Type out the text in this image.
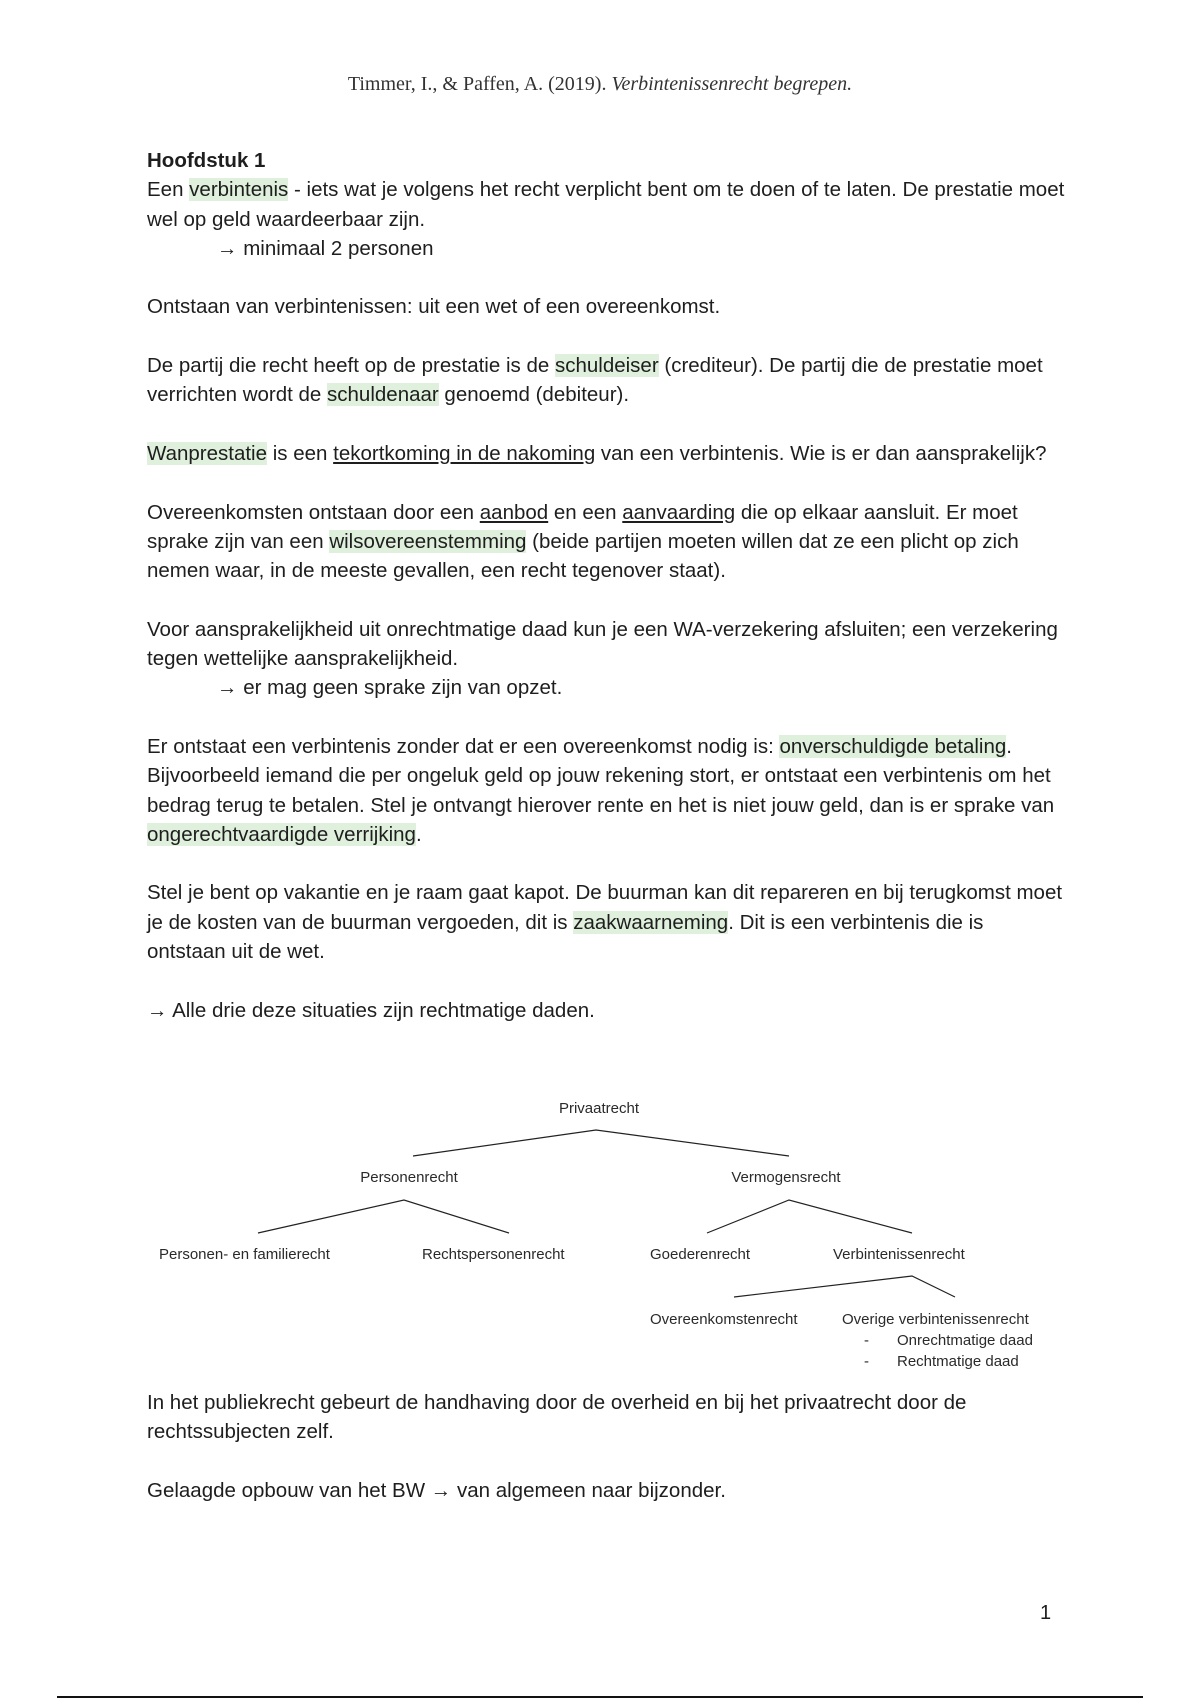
Timmer, I., & Paffen, A. (2019). Verbintenissenrecht begrepen.

Hoofdstuk 1

Een verbintenis - iets wat je volgens het recht verplicht bent om te doen of te laten. De prestatie moet wel op geld waardeerbaar zijn.

→ minimaal 2 personen

Ontstaan van verbintenissen: uit een wet of een overeenkomst.

De partij die recht heeft op de prestatie is de schuldeiser (crediteur). De partij die de prestatie moet verrichten wordt de schuldenaar genoemd (debiteur).

Wanprestatie is een tekortkoming in de nakoming van een verbintenis. Wie is er dan aansprakelijk?

Overeenkomsten ontstaan door een aanbod en een aanvaarding die op elkaar aansluit. Er moet sprake zijn van een wilsovereenstemming (beide partijen moeten willen dat ze een plicht op zich nemen waar, in de meeste gevallen, een recht tegenover staat).

Voor aansprakelijkheid uit onrechtmatige daad kun je een WA-verzekering afsluiten; een verzekering tegen wettelijke aansprakelijkheid.

→ er mag geen sprake zijn van opzet.

Er ontstaat een verbintenis zonder dat er een overeenkomst nodig is: onverschuldigde betaling. Bijvoorbeeld iemand die per ongeluk geld op jouw rekening stort, er ontstaat een verbintenis om het bedrag terug te betalen. Stel je ontvangt hierover rente en het is niet jouw geld, dan is er sprake van ongerechtvaardigde verrijking.

Stel je bent op vakantie en je raam gaat kapot. De buurman kan dit repareren en bij terugkomst moet je de kosten van de buurman vergoeden, dit is zaakwaarneming. Dit is een verbintenis die is ontstaan uit de wet.

→ Alle drie deze situaties zijn rechtmatige daden.

Privaatrecht
Personenrecht	Vermogensrecht
Personen- en familierecht	Rechtspersonenrecht	Goederenrecht	Verbintenissenrecht
Overeenkomstenrecht	Overige verbintenissenrecht
- Onrechtmatige daad
- Rechtmatige daad

In het publiekrecht gebeurt de handhaving door de overheid en bij het privaatrecht door de rechtssubjecten zelf.

Gelaagde opbouw van het BW → van algemeen naar bijzonder.

1
